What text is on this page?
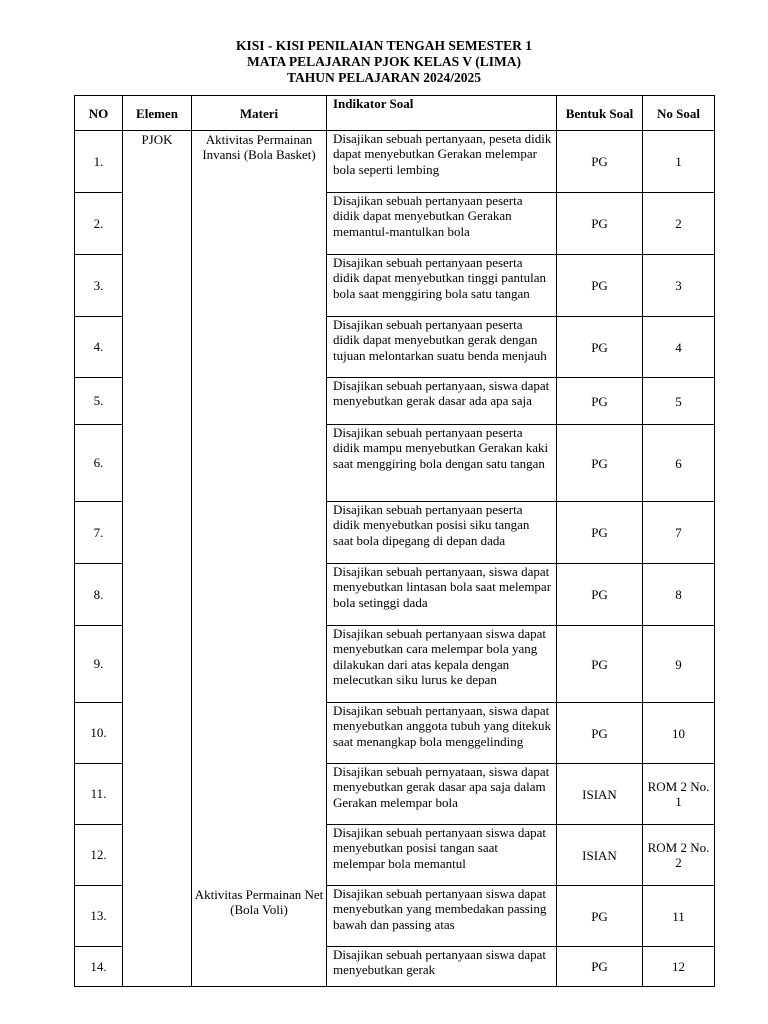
KISI - KISI PENILAIAN TENGAH SEMESTER 1
MATA PELAJARAN PJOK KELAS V (LIMA)
TAHUN PELAJARAN 2024/2025
NO	Elemen	Materi	Indikator Soal	Bentuk Soal	No Soal
1.	PJOK	Aktivitas Permainan Invansi (Bola Basket)	Disajikan sebuah pertanyaan, peseta didik dapat menyebutkan Gerakan melempar bola seperti lembing	PG	1
2.			Disajikan sebuah pertanyaan peserta didik dapat menyebutkan Gerakan memantul-mantulkan bola	PG	2
3.			Disajikan sebuah pertanyaan peserta didik dapat menyebutkan tinggi pantulan bola saat menggiring bola satu tangan	PG	3
4.			Disajikan sebuah pertanyaan peserta didik dapat menyebutkan gerak dengan tujuan melontarkan suatu benda menjauh	PG	4
5.			Disajikan sebuah pertanyaan, siswa dapat menyebutkan gerak dasar ada apa saja	PG	5
6.			Disajikan sebuah pertanyaan peserta didik mampu menyebutkan Gerakan kaki saat menggiring bola dengan satu tangan	PG	6
7.			Disajikan sebuah pertanyaan peserta didik menyebutkan posisi siku tangan saat bola dipegang di depan dada	PG	7
8.			Disajikan sebuah pertanyaan, siswa dapat menyebutkan lintasan bola saat melempar bola setinggi dada	PG	8
9.			Disajikan sebuah pertanyaan siswa dapat menyebutkan cara melempar bola yang dilakukan dari atas kepala dengan melecutkan siku lurus ke depan	PG	9
10.			Disajikan sebuah pertanyaan, siswa dapat menyebutkan anggota tubuh yang ditekuk saat menangkap bola menggelinding	PG	10
11.			Disajikan sebuah pernyataan, siswa dapat menyebutkan gerak dasar apa saja dalam Gerakan melempar bola	ISIAN	ROM 2 No. 1
12.			Disajikan sebuah pertanyaan siswa dapat menyebutkan posisi tangan saat melempar bola memantul	ISIAN	ROM 2 No. 2
13.		Aktivitas Permainan Net (Bola Voli)	Disajikan sebuah pertanyaan siswa dapat menyebutkan yang membedakan passing bawah dan passing atas	PG	11
14.			Disajikan sebuah pertanyaan siswa dapat menyebutkan gerak	PG	12
